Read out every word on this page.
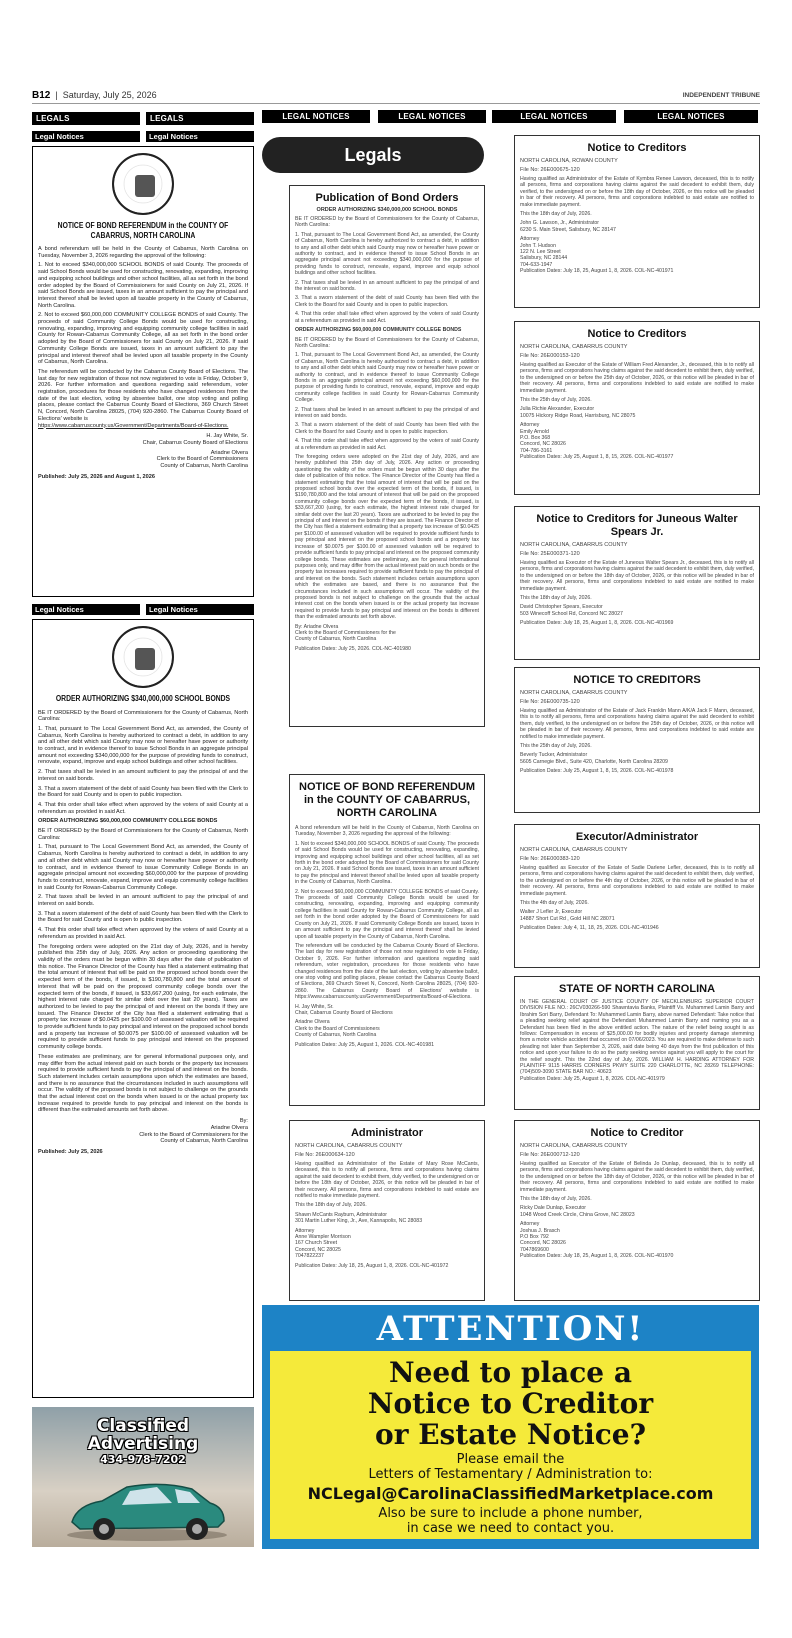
B12  |  Saturday, July 25, 2026	INDEPENDENT TRIBUNE
LEGALS	LEGALS	LEGAL NOTICES	LEGAL NOTICES	LEGAL NOTICES	LEGAL NOTICES
Legal Notices	Legal Notices
NOTICE OF BOND REFERENDUM in the COUNTY OF CABARRUS, NORTH CAROLINA
A bond referendum will be held in the County of Cabarrus, North Carolina on Tuesday, November 3, 2026 regarding the approval of the following:
1. Not to exceed $340,000,000 SCHOOL BONDS of said County. The proceeds of said School Bonds would be used for constructing, renovating, expanding, improving and equipping school buildings and other school facilities, all as set forth in the bond order adopted by the Board of Commissioners for said County on July 21, 2026. If said School Bonds are issued, taxes in an amount sufficient to pay the principal and interest thereof shall be levied upon all taxable property in the County of Cabarrus, North Carolina.
2. Not to exceed $60,000,000 COMMUNITY COLLEGE BONDS of said County. The proceeds of said Community College Bonds would be used for constructing, renovating, expanding, improving and equipping community college facilities in said County for Rowan-Cabarrus Community College, all as set forth in the bond order adopted by the Board of Commissioners for said County on July 21, 2026. If said Community College Bonds are issued, taxes in an amount sufficient to pay the principal and interest thereof shall be levied upon all taxable property in the County of Cabarrus, North Carolina.
The referendum will be conducted by the Cabarrus County Board of Elections. The last day for new registration of those not now registered to vote is Friday, October 9, 2026. For further information and questions regarding said referendum, voter registration, procedures for those residents who have changed residences from the date of the last election, voting by absentee ballot, one stop voting and polling places, please contact the Cabarrus County Board of Elections, 369 Church Street N, Concord, North Carolina 28025, (704) 920-2860. The Cabarrus County Board of Elections' website is
https://www.cabarruscounty.us/Government/Departments/Board-of-Elections.
H. Jay White, Sr.
Chair, Cabarrus County Board of Elections
Ariadne Olvera
Clerk to the Board of Commissioners
County of Cabarrus, North Carolina
Published: July 25, 2026 and August 1, 2026
Legal Notices	Legal Notices
ORDER AUTHORIZING $340,000,000 SCHOOL BONDS
BE IT ORDERED by the Board of Commissioners for the County of Cabarrus, North Carolina:
1. That, pursuant to The Local Government Bond Act, as amended, the County of Cabarrus, North Carolina is hereby authorized to contract a debt, in addition to any and all other debt which said County may now or hereafter have power or authority to contract, and in evidence thereof to issue School Bonds in an aggregate principal amount not exceeding $340,000,000 for the purpose of providing funds to construct, renovate, expand, improve and equip school buildings and other school facilities.
2. That taxes shall be levied in an amount sufficient to pay the principal of and the interest on said bonds.
3. That a sworn statement of the debt of said County has been filed with the Clerk to the Board for said County and is open to public inspection.
4. That this order shall take effect when approved by the voters of said County at a referendum as provided in said Act.
ORDER AUTHORIZING $60,000,000 COMMUNITY COLLEGE BONDS
BE IT ORDERED by the Board of Commissioners for the County of Cabarrus, North Carolina:
1. That, pursuant to The Local Government Bond Act, as amended, the County of Cabarrus, North Carolina is hereby authorized to contract a debt, in addition to any and all other debt which said County may now or hereafter have power or authority to contract, and in evidence thereof to issue Community College Bonds in an aggregate principal amount not exceeding $60,000,000 for the purpose of providing funds to construct, renovate, expand, improve and equip community college facilities in said County for Rowan-Cabarrus Community College.
2. That taxes shall be levied in an amount sufficient to pay the principal of and interest on said bonds.
3. That a sworn statement of the debt of said County has been filed with the Clerk to the Board for said County and is open to public inspection.
4. That this order shall take effect when approved by the voters of said County at a referendum as provided in said Act.
The foregoing orders were adopted on the 21st day of July, 2026, and is hereby published this 25th day of July, 2026. Any action or proceeding questioning the validity of the orders must be begun within 30 days after the date of publication of this notice. The Finance Director of the County has filed a statement estimating that the total amount of interest that will be paid on the proposed school bonds over the expected term of the bonds, if issued, is $190,780,800 and the total amount of interest that will be paid on the proposed community college bonds over the expected term of the bonds, if issued, is $33,667,200 (using, for each estimate, the highest interest rate charged for similar debt over the last 20 years). Taxes are authorized to be levied to pay the principal of and interest on the bonds if they are issued. The Finance Director of the City has filed a statement estimating that a property tax increase of $0.0425 per $100.00 of assessed valuation will be required to provide sufficient funds to pay principal and interest on the proposed school bonds and a property tax increase of $0.0075 per $100.00 of assessed valuation will be required to provide sufficient funds to pay principal and interest on the proposed community college bonds.
These estimates are preliminary, are for general informational purposes only, and may differ from the actual interest paid on such bonds or the property tax increases required to provide sufficient funds to pay the principal of and interest on the bonds. Such statement includes certain assumptions upon which the estimates are based, and there is no assurance that the circumstances included in such assumptions will occur. The validity of the proposed bonds is not subject to challenge on the grounds that the actual interest cost on the bonds when issued is or the actual property tax increase required to provide funds to pay principal and interest on the bonds is different than the estimated amounts set forth above.
By:
Ariadne Olvera
Clerk to the Board of Commissioners for the
County of Cabarrus, North Carolina
Published: July 25, 2026
Classified
Advertising
434-978-7202
Legals
Publication of Bond Orders
ORDER AUTHORIZING $340,000,000 SCHOOL BONDS
BE IT ORDERED by the Board of Commissioners for the County of Cabarrus, North Carolina:
1. That, pursuant to The Local Government Bond Act, as amended, the County of Cabarrus, North Carolina is hereby authorized to contract a debt, in addition to any and all other debt which said County may now or hereafter have power or authority to contract, and in evidence thereof to issue School Bonds in an aggregate principal amount not exceeding $340,000,000 for the purpose of providing funds to construct, renovate, expand, improve and equip school buildings and other school facilities.
2. That taxes shall be levied in an amount sufficient to pay the principal of and the interest on said bonds.
3. That a sworn statement of the debt of said County has been filed with the Clerk to the Board for said County and is open to public inspection.
4. That this order shall take effect when approved by the voters of said County at a referendum as provided in said Act.
ORDER AUTHORIZING $60,000,000 COMMUNITY COLLEGE BONDS
BE IT ORDERED by the Board of Commissioners for the County of Cabarrus, North Carolina:
1. That, pursuant to The Local Government Bond Act, as amended, the County of Cabarrus, North Carolina is hereby authorized to contract a debt, in addition to any and all other debt which said County may now or hereafter have power or authority to contract, and in evidence thereof to issue Community College Bonds in an aggregate principal amount not exceeding $60,000,000 for the purpose of providing funds to construct, renovate, expand, improve and equip community college facilities in said County for Rowan-Cabarrus Community College.
2. That taxes shall be levied in an amount sufficient to pay the principal of and interest on said bonds.
3. That a sworn statement of the debt of said County has been filed with the Clerk to the Board for said County and is open to public inspection.
4. That this order shall take effect when approved by the voters of said County at a referendum as provided in said Act.
The foregoing orders were adopted on the 21st day of July, 2026, and are hereby published this 25th day of July, 2026. Any action or proceeding questioning the validity of the orders must be begun within 30 days after the date of publication of this notice. The Finance Director of the County has filed a statement estimating that the total amount of interest that will be paid on the proposed school bonds over the expected term of the bonds, if issued, is $190,780,800 and the total amount of interest that will be paid on the proposed community college bonds over the expected term of the bonds, if issued, is $33,667,200 (using, for each estimate, the highest interest rate charged for similar debt over the last 20 years). Taxes are authorized to be levied to pay the principal of and interest on the bonds if they are issued. The Finance Director of the City has filed a statement estimating that a property tax increase of $0.0425 per $100.00 of assessed valuation will be required to provide sufficient funds to pay principal and interest on the proposed school bonds and a property tax increase of $0.0075 per $100.00 of assessed valuation will be required to provide sufficient funds to pay principal and interest on the proposed community college bonds. These estimates are preliminary, are for general informational purposes only, and may differ from the actual interest paid on such bonds or the property tax increases required to provide sufficient funds to pay the principal of and interest on the bonds. Such statement includes certain assumptions upon which the estimates are based, and there is no assurance that the circumstances included in such assumptions will occur. The validity of the proposed bonds is not subject to challenge on the grounds that the actual interest cost on the bonds when issued is or the actual property tax increase required to provide funds to pay principal and interest on the bonds is different than the estimated amounts set forth above.
By: Ariadne Olvera
Clerk to the Board of Commissioners for the
County of Cabarrus, North Carolina
Publication Dates: July 25, 2026. COL-NC-401980
NOTICE OF BOND REFERENDUM in the COUNTY OF CABARRUS, NORTH CAROLINA
A bond referendum will be held in the County of Cabarrus, North Carolina on Tuesday, November 3, 2026 regarding the approval of the following:
1. Not to exceed $340,000,000 SCHOOL BONDS of said County. The proceeds of said School Bonds would be used for constructing, renovating, expanding, improving and equipping school buildings and other school facilities, all as set forth in the bond order adopted by the Board of Commissioners for said County on July 21, 2026. If said School Bonds are issued, taxes in an amount sufficient to pay the principal and interest thereof shall be levied upon all taxable property in the County of Cabarrus, North Carolina.
2. Not to exceed $60,000,000 COMMUNITY COLLEGE BONDS of said County. The proceeds of said Community College Bonds would be used for constructing, renovating, expanding, improving and equipping community college facilities in said County for Rowan-Cabarrus Community College, all as set forth in the bond order adopted by the Board of Commissioners for said County on July 21, 2026. If said Community College Bonds are issued, taxes in an amount sufficient to pay the principal and interest thereof shall be levied upon all taxable property in the County of Cabarrus, North Carolina.
The referendum will be conducted by the Cabarrus County Board of Elections. The last day for new registration of those not now registered to vote is Friday, October 9, 2026. For further information and questions regarding said referendum, voter registration, procedures for those residents who have changed residences from the date of the last election, voting by absentee ballot, one stop voting and polling places, please contact the Cabarrus County Board of Elections, 369 Church Street N, Concord, North Carolina 28025, (704) 920-2860. The Cabarrus County Board of Elections' website is https://www.cabarruscounty.us/Government/Departments/Board-of-Elections.
H. Jay White, Sr.
Chair, Cabarrus County Board of Elections
Ariadne Olvera
Clerk to the Board of Commissioners
County of Cabarrus, North Carolina
Publication Dates: July 25, August 1, 2026. COL-NC-401981
Administrator
NORTH CAROLINA, CABARRUS COUNTY
File No: 26E000634-120
Having qualified as Administrator of the Estate of Mary Rose McCants, deceased, this is to notify all persons, firms and corporations having claims against the said decedent to exhibit them, duly verified, to the undersigned on or before the 18th day of October, 2026, or this notice will be pleaded in bar of their recovery. All persons, firms and corporations indebted to said estate are notified to make immediate payment.
This the 18th day of July, 2026.
Shawn McCants Rayburn, Administrator
301 Martin Luther King, Jr., Ave, Kannapolis, NC 28083
Attorney
Anne Wampler Morrison
167 Church Street
Concord, NC 28025
7047822237
Publication Dates: July 18, 25, August 1, 8, 2026. COL-NC-401972
ATTENTION!
Need to place a
Notice to Creditor
or Estate Notice?
Please email the
Letters of Testamentary / Administration to:
NCLegal@CarolinaClassifiedMarketplace.com
Also be sure to include a phone number,
in case we need to contact you.
Notice to Creditors
NORTH CAROLINA, ROWAN COUNTY
File No: 26E000675-120
Having qualified as Administrator of the Estate of Kymbra Renee Lawson, deceased, this is to notify all persons, firms and corporations having claims against the said decedent to exhibit them, duly verified, to the undersigned on or before the 18th day of October, 2026, or this notice will be pleaded in bar of their recovery. All persons, firms and corporations indebted to said estate are notified to make immediate payment.
This the 18th day of July, 2026.
John G. Lawson, Jr., Administrator
6230 S. Main Street, Salisbury, NC 28147
Attorney
John T. Hudson
122 N. Lee Street
Salisbury, NC 28144
704-633-1947
Publication Dates: July 18, 25, August 1, 8, 2026. COL-NC-401971
Notice to Creditors
NORTH CAROLINA, CABARRUS COUNTY
File No: 26E000153-120
Having qualified as Executor of the Estate of William Fred Alexander, Jr., deceased, this is to notify all persons, firms and corporations having claims against the said decedent to exhibit them, duly verified, to the undersigned on or before the 25th day of October, 2026, or this notice will be pleaded in bar of their recovery. All persons, firms and corporations indebted to said estate are notified to make immediate payment.
This the 25th day of July, 2026.
Julia Richie Alexander, Executor
10075 Hickory Ridge Road, Harrisburg, NC 28075
Attorney
Emily Arnold
P.O. Box 368
Concord, NC 28026
704-786-3161
Publication Dates: July 25, August 1, 8, 15, 2026. COL-NC-401977
Notice to Creditors for Juneous Walter Spears Jr.
NORTH CAROLINA, CABARRUS COUNTY
File No: 25E000371-120
Having qualified as Executor of the Estate of Juneous Walter Spears Jr., deceased, this is to notify all persons, firms and corporations having claims against the said decedent to exhibit them, duly verified, to the undersigned on or before the 18th day of October, 2026, or this notice will be pleaded in bar of their recovery. All persons, firms and corporations indebted to said estate are notified to make immediate payment.
This the 18th day of July, 2026.
David Christopher Spears, Executor
503 Winecoff School Rd, Concord NC 28027
Publication Dates: July 18, 25, August 1, 8, 2026. COL-NC-401969
NOTICE TO CREDITORS
NORTH CAROLINA, CABARRUS COUNTY
File No: 26E000735-120
Having qualified as Administrator of the Estate of Jack Franklin Mann A/K/A Jack F Mann, deceased, this is to notify all persons, firms and corporations having claims against the said decedent to exhibit them, duly verified, to the undersigned on or before the 25th day of October, 2026, or this notice will be pleaded in bar of their recovery. All persons, firms and corporations indebted to said estate are notified to make immediate payment.
This the 25th day of July, 2026.
Beverly Tucker, Administrator
5605 Carnegie Blvd., Suite 420, Charlotte, North Carolina 28209
Publication Dates: July 25, August 1, 8, 15, 2026. COL-NC-401978
Executor/Administrator
NORTH CAROLINA, CABARRUS COUNTY
File No: 26E000383-120
Having qualified as Executor of the Estate of Sadie Darlene Lefler, deceased, this is to notify all persons, firms and corporations having claims against the said decedent to exhibit them, duly verified, to the undersigned on or before the 4th day of October, 2026, or this notice will be pleaded in bar of their recovery. All persons, firms and corporations indebted to said estate are notified to make immediate payment.
This the 4th day of July, 2026.
Walter J Lefler Jr, Executor
14887 Short Cut Rd , Gold Hill NC 28071
Publication Dates: July 4, 11, 18, 25, 2026. COL-NC-401946
STATE OF NORTH CAROLINA
IN THE GENERAL COURT OF JUSTICE COUNTY OF MECKLENBURG SUPERIOR COURT DIVISION FILE NO.: 26CV030266-590 Shawntavia Banks, Plaintiff Vs. Muhammed Lamin Barry and Ibrahim Sori Barry, Defendant To: Muhammed Lamin Barry, above named Defendant: Take notice that a pleading seeking relief against the Defendant Muhammed Lamin Barry and naming you as a Defendant has been filed in the above entitled action. The nature of the relief being sought is as follows: Compensation in excess of $25,000.00 for bodily injuries and property damage stemming from a motor vehicle accident that occurred on 07/06/2023. You are required to make defense to such pleading not later than September 3, 2026, said date being 40 days from the first publication of this notice and upon your failure to do so the party seeking service against you will apply to the court for the relief sought. This the 22nd day of July, 2026. WILLIAM H. HARDING ATTORNEY FOR PLAINTIFF 9115 HARRIS CORNERS PKWY SUITE 220 CHARLOTTE, NC 28269 TELEPHONE: (704)509-3090 STATE BAR NO.: 40623
Publication Dates: July 25, August 1, 8, 2026. COL-NC-401979
Notice to Creditor
NORTH CAROLINA, CABARRUS COUNTY
File No: 26E000712-120
Having qualified as Executor of the Estate of Belinda Jo Dunlap, deceased, this is to notify all persons, firms and corporations having claims against the said decedent to exhibit them, duly verified, to the undersigned on or before the 18th day of October, 2026, or this notice will be pleaded in bar of their recovery. All persons, firms and corporations indebted to said estate are notified to make immediate payment.
This the 18th day of July, 2026.
Ricky Dale Dunlap, Executor
1048 Wood Creek Circle, China Grove, NC 28023
Attorney
Joshua J. Brasch
P.O Box 792
Concord, NC 28026
7047869600
Publication Dates: July 18, 25, August 1, 8, 2026. COL-NC-401970
